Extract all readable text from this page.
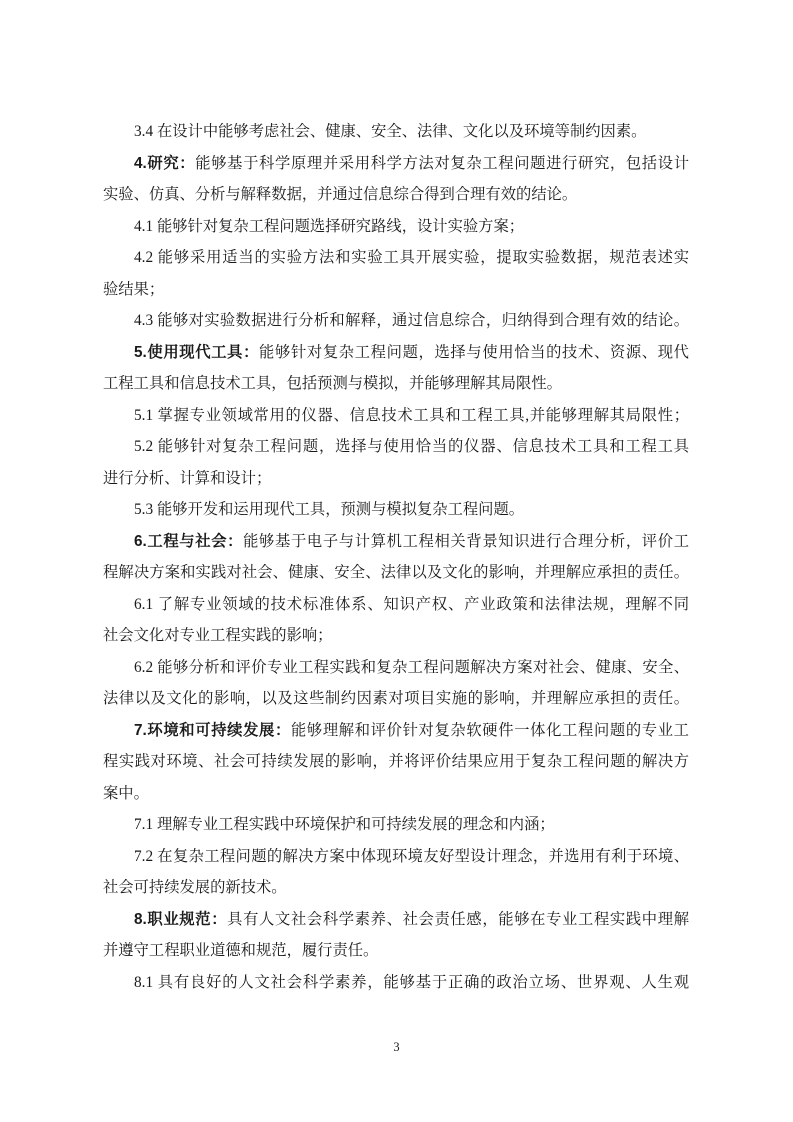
3.4 在设计中能够考虑社会、健康、安全、法律、文化以及环境等制约因素。
4.研究：能够基于科学原理并采用科学方法对复杂工程问题进行研究，包括设计
实验、仿真、分析与解释数据，并通过信息综合得到合理有效的结论。
4.1 能够针对复杂工程问题选择研究路线，设计实验方案；
4.2 能够采用适当的实验方法和实验工具开展实验，提取实验数据，规范表述实
验结果；
4.3 能够对实验数据进行分析和解释，通过信息综合，归纳得到合理有效的结论。
5.使用现代工具：能够针对复杂工程问题，选择与使用恰当的技术、资源、现代
工程工具和信息技术工具，包括预测与模拟，并能够理解其局限性。
5.1 掌握专业领域常用的仪器、信息技术工具和工程工具,并能够理解其局限性；
5.2 能够针对复杂工程问题，选择与使用恰当的仪器、信息技术工具和工程工具
进行分析、计算和设计；
5.3 能够开发和运用现代工具，预测与模拟复杂工程问题。
6.工程与社会：能够基于电子与计算机工程相关背景知识进行合理分析，评价工
程解决方案和实践对社会、健康、安全、法律以及文化的影响，并理解应承担的责任。
6.1 了解专业领域的技术标准体系、知识产权、产业政策和法律法规，理解不同
社会文化对专业工程实践的影响；
6.2 能够分析和评价专业工程实践和复杂工程问题解决方案对社会、健康、安全、
法律以及文化的影响，以及这些制约因素对项目实施的影响，并理解应承担的责任。
7.环境和可持续发展：能够理解和评价针对复杂软硬件一体化工程问题的专业工
程实践对环境、社会可持续发展的影响，并将评价结果应用于复杂工程问题的解决方
案中。
7.1 理解专业工程实践中环境保护和可持续发展的理念和内涵；
7.2 在复杂工程问题的解决方案中体现环境友好型设计理念，并选用有利于环境、
社会可持续发展的新技术。
8.职业规范：具有人文社会科学素养、社会责任感，能够在专业工程实践中理解
并遵守工程职业道德和规范，履行责任。
8.1 具有良好的人文社会科学素养，能够基于正确的政治立场、世界观、人生观
3
